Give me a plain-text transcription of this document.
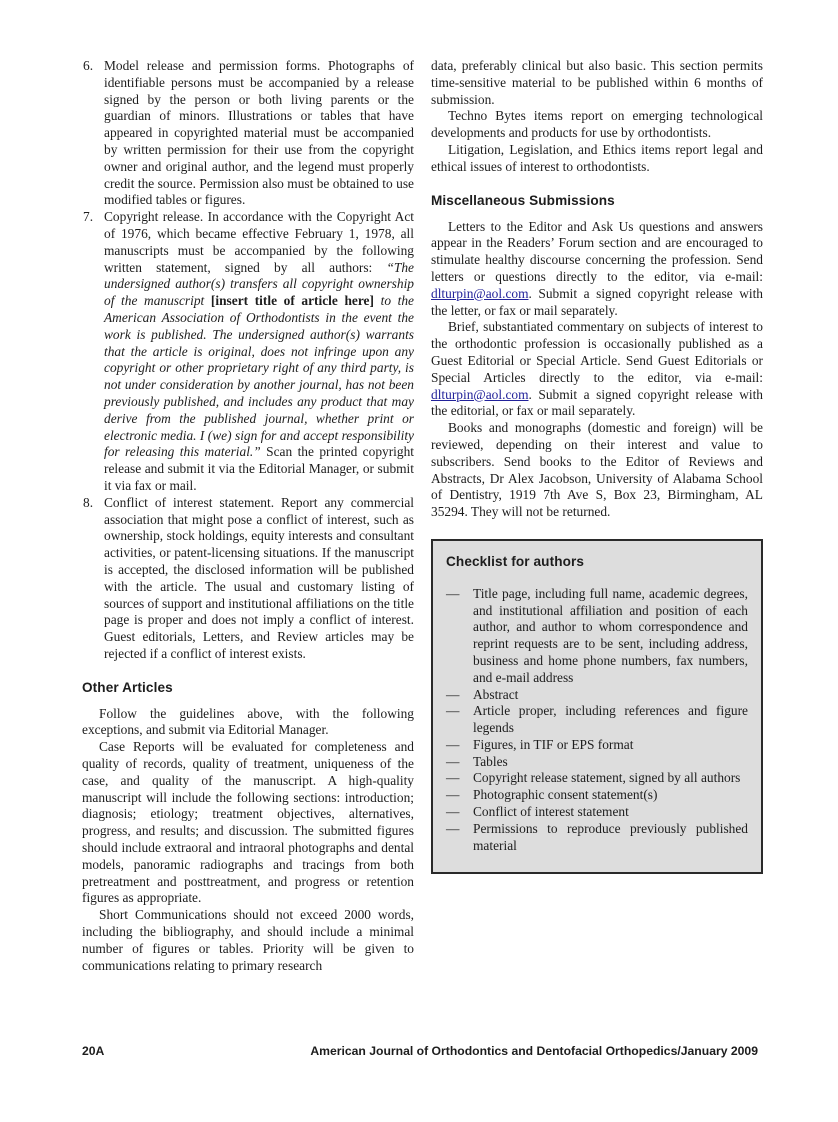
6. Model release and permission forms. Photographs of identifiable persons must be accompanied by a release signed by the person or both living parents or the guardian of minors. Illustrations or tables that have appeared in copyrighted material must be accompanied by written permission for their use from the copyright owner and original author, and the legend must properly credit the source. Permission also must be obtained to use modified tables or figures.
7. Copyright release. In accordance with the Copyright Act of 1976, which became effective February 1, 1978, all manuscripts must be accompanied by the following written statement, signed by all authors: “The undersigned author(s) transfers all copyright ownership of the manuscript [insert title of article here] to the American Association of Orthodontists in the event the work is published. The undersigned author(s) warrants that the article is original, does not infringe upon any copyright or other proprietary right of any third party, is not under consideration by another journal, has not been previously published, and includes any product that may derive from the published journal, whether print or electronic media. I (we) sign for and accept responsibility for releasing this material.” Scan the printed copyright release and submit it via the Editorial Manager, or submit it via fax or mail.
8. Conflict of interest statement. Report any commercial association that might pose a conflict of interest, such as ownership, stock holdings, equity interests and consultant activities, or patent-licensing situations. If the manuscript is accepted, the disclosed information will be published with the article. The usual and customary listing of sources of support and institutional affiliations on the title page is proper and does not imply a conflict of interest. Guest editorials, Letters, and Review articles may be rejected if a conflict of interest exists.
Other Articles

Follow the guidelines above, with the following exceptions, and submit via Editorial Manager.

Case Reports will be evaluated for completeness and quality of records, quality of treatment, uniqueness of the case, and quality of the manuscript. A high-quality manuscript will include the following sections: introduction; diagnosis; etiology; treatment objectives, alternatives, progress, and results; and discussion. The submitted figures should include extraoral and intraoral photographs and dental models, panoramic radiographs and tracings from both pretreatment and posttreatment, and progress or retention figures as appropriate.

Short Communications should not exceed 2000 words, including the bibliography, and should include a minimal number of figures or tables. Priority will be given to communications relating to primary research

data, preferably clinical but also basic. This section permits time-sensitive material to be published within 6 months of submission.

Techno Bytes items report on emerging technological developments and products for use by orthodontists.

Litigation, Legislation, and Ethics items report legal and ethical issues of interest to orthodontists.

Miscellaneous Submissions

Letters to the Editor and Ask Us questions and answers appear in the Readers’ Forum section and are encouraged to stimulate healthy discourse concerning the profession. Send letters or questions directly to the editor, via e-mail: dlturpin@aol.com. Submit a signed copyright release with the letter, or fax or mail separately.

Brief, substantiated commentary on subjects of interest to the orthodontic profession is occasionally published as a Guest Editorial or Special Article. Send Guest Editorials or Special Articles directly to the editor, via e-mail: dlturpin@aol.com. Submit a signed copyright release with the editorial, or fax or mail separately.

Books and monographs (domestic and foreign) will be reviewed, depending on their interest and value to subscribers. Send books to the Editor of Reviews and Abstracts, Dr Alex Jacobson, University of Alabama School of Dentistry, 1919 7th Ave S, Box 23, Birmingham, AL 35294. They will not be returned.

Checklist for authors
— Title page, including full name, academic degrees, and institutional affiliation and position of each author, and author to whom correspondence and reprint requests are to be sent, including address, business and home phone numbers, fax numbers, and e-mail address
— Abstract
— Article proper, including references and figure legends
— Figures, in TIF or EPS format
— Tables
— Copyright release statement, signed by all authors
— Photographic consent statement(s)
— Conflict of interest statement
— Permissions to reproduce previously published material
20A	American Journal of Orthodontics and Dentofacial Orthopedics/January 2009
